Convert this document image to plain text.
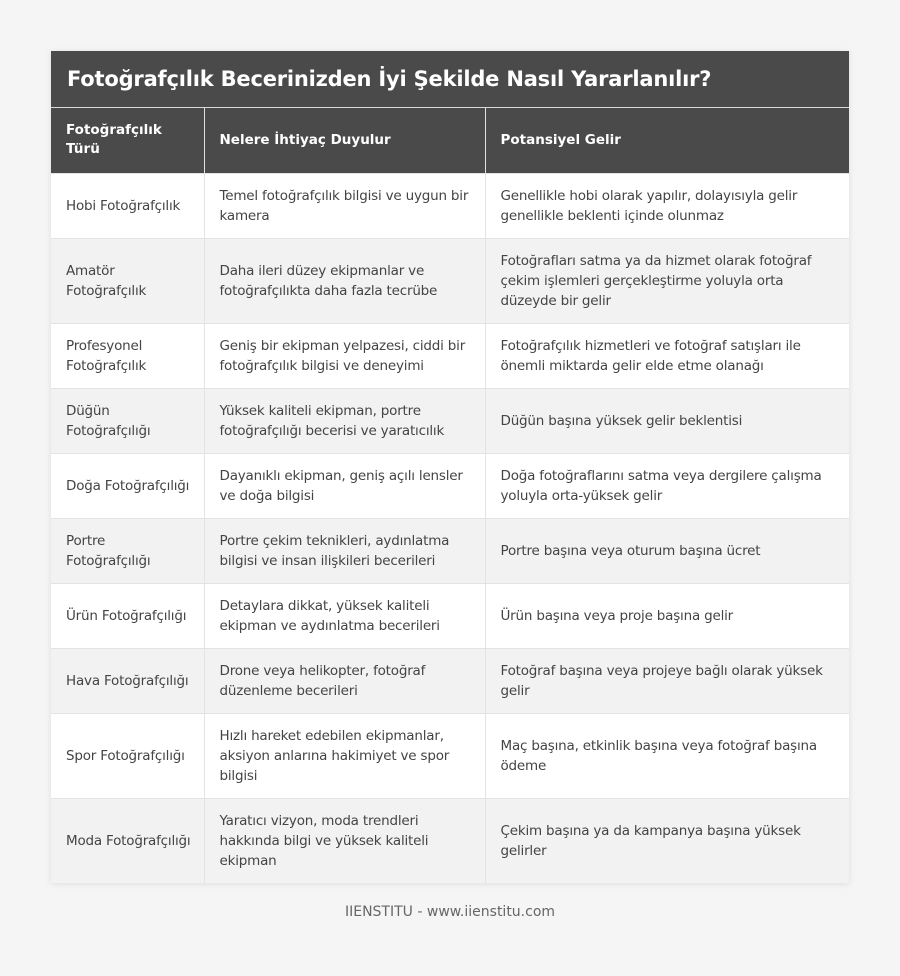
Fotoğrafçılık Becerinizden İyi Şekilde Nasıl Yararlanılır?
Fotoğrafçılık Türü	Nelere İhtiyaç Duyulur	Potansiyel Gelir
Hobi Fotoğrafçılık	Temel fotoğrafçılık bilgisi ve uygun bir kamera	Genellikle hobi olarak yapılır, dolayısıyla gelir genellikle beklenti içinde olunmaz
Amatör Fotoğrafçılık	Daha ileri düzey ekipmanlar ve fotoğrafçılıkta daha fazla tecrübe	Fotoğrafları satma ya da hizmet olarak fotoğraf çekim işlemleri gerçekleştirme yoluyla orta düzeyde bir gelir
Profesyonel Fotoğrafçılık	Geniş bir ekipman yelpazesi, ciddi bir fotoğrafçılık bilgisi ve deneyimi	Fotoğrafçılık hizmetleri ve fotoğraf satışları ile önemli miktarda gelir elde etme olanağı
Düğün Fotoğrafçılığı	Yüksek kaliteli ekipman, portre fotoğrafçılığı becerisi ve yaratıcılık	Düğün başına yüksek gelir beklentisi
Doğa Fotoğrafçılığı	Dayanıklı ekipman, geniş açılı lensler ve doğa bilgisi	Doğa fotoğraflarını satma veya dergilere çalışma yoluyla orta-yüksek gelir
Portre Fotoğrafçılığı	Portre çekim teknikleri, aydınlatma bilgisi ve insan ilişkileri becerileri	Portre başına veya oturum başına ücret
Ürün Fotoğrafçılığı	Detaylara dikkat, yüksek kaliteli ekipman ve aydınlatma becerileri	Ürün başına veya proje başına gelir
Hava Fotoğrafçılığı	Drone veya helikopter, fotoğraf düzenleme becerileri	Fotoğraf başına veya projeye bağlı olarak yüksek gelir
Spor Fotoğrafçılığı	Hızlı hareket edebilen ekipmanlar, aksiyon anlarına hakimiyet ve spor bilgisi	Maç başına, etkinlik başına veya fotoğraf başına ödeme
Moda Fotoğrafçılığı	Yaratıcı vizyon, moda trendleri hakkında bilgi ve yüksek kaliteli ekipman	Çekim başına ya da kampanya başına yüksek gelirler
IIENSTITU - www.iienstitu.com
